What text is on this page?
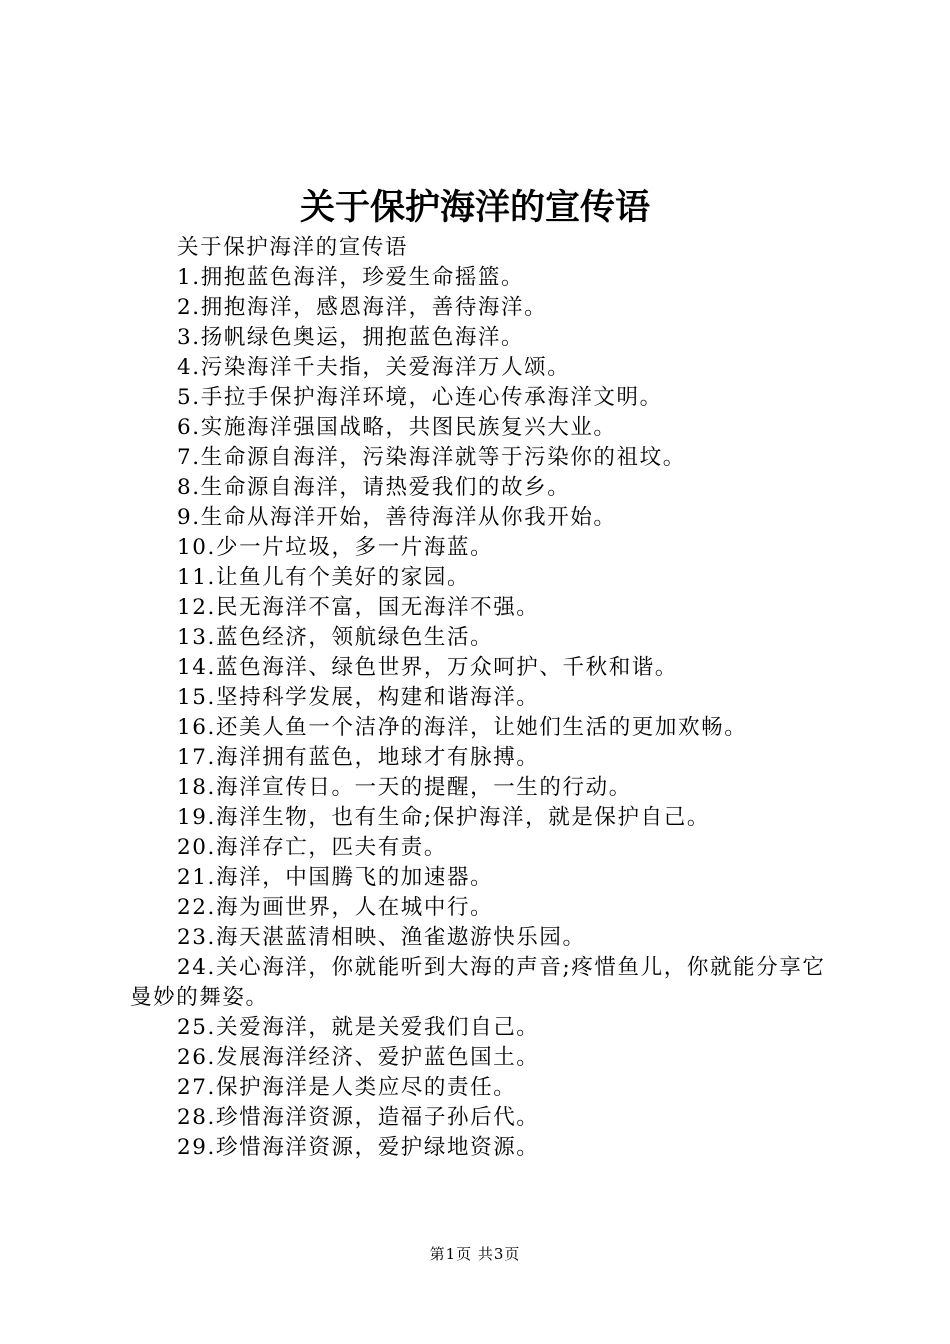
关于保护海洋的宣传语

关于保护海洋的宣传语

1.拥抱蓝色海洋，珍爱生命摇篮。

2.拥抱海洋，感恩海洋，善待海洋。

3.扬帆绿色奥运，拥抱蓝色海洋。

4.污染海洋千夫指，关爱海洋万人颂。

5.手拉手保护海洋环境，心连心传承海洋文明。

6.实施海洋强国战略，共图民族复兴大业。

7.生命源自海洋，污染海洋就等于污染你的祖坟。

8.生命源自海洋，请热爱我们的故乡。

9.生命从海洋开始，善待海洋从你我开始。

10.少一片垃圾，多一片海蓝。

11.让鱼儿有个美好的家园。

12.民无海洋不富，国无海洋不强。

13.蓝色经济，领航绿色生活。

14.蓝色海洋、绿色世界，万众呵护、千秋和谐。

15.坚持科学发展，构建和谐海洋。

16.还美人鱼一个洁净的海洋，让她们生活的更加欢畅。

17.海洋拥有蓝色，地球才有脉搏。

18.海洋宣传日。一天的提醒，一生的行动。

19.海洋生物，也有生命;保护海洋，就是保护自己。

20.海洋存亡，匹夫有责。

21.海洋，中国腾飞的加速器。

22.海为画世界，人在城中行。

23.海天湛蓝清相映、渔雀遨游快乐园。

24.关心海洋，你就能听到大海的声音;疼惜鱼儿，你就能分享它曼妙的舞姿。

25.关爱海洋，就是关爱我们自己。

26.发展海洋经济、爱护蓝色国土。

27.保护海洋是人类应尽的责任。

28.珍惜海洋资源，造福子孙后代。

29.珍惜海洋资源，爱护绿地资源。

第1页 共3页
